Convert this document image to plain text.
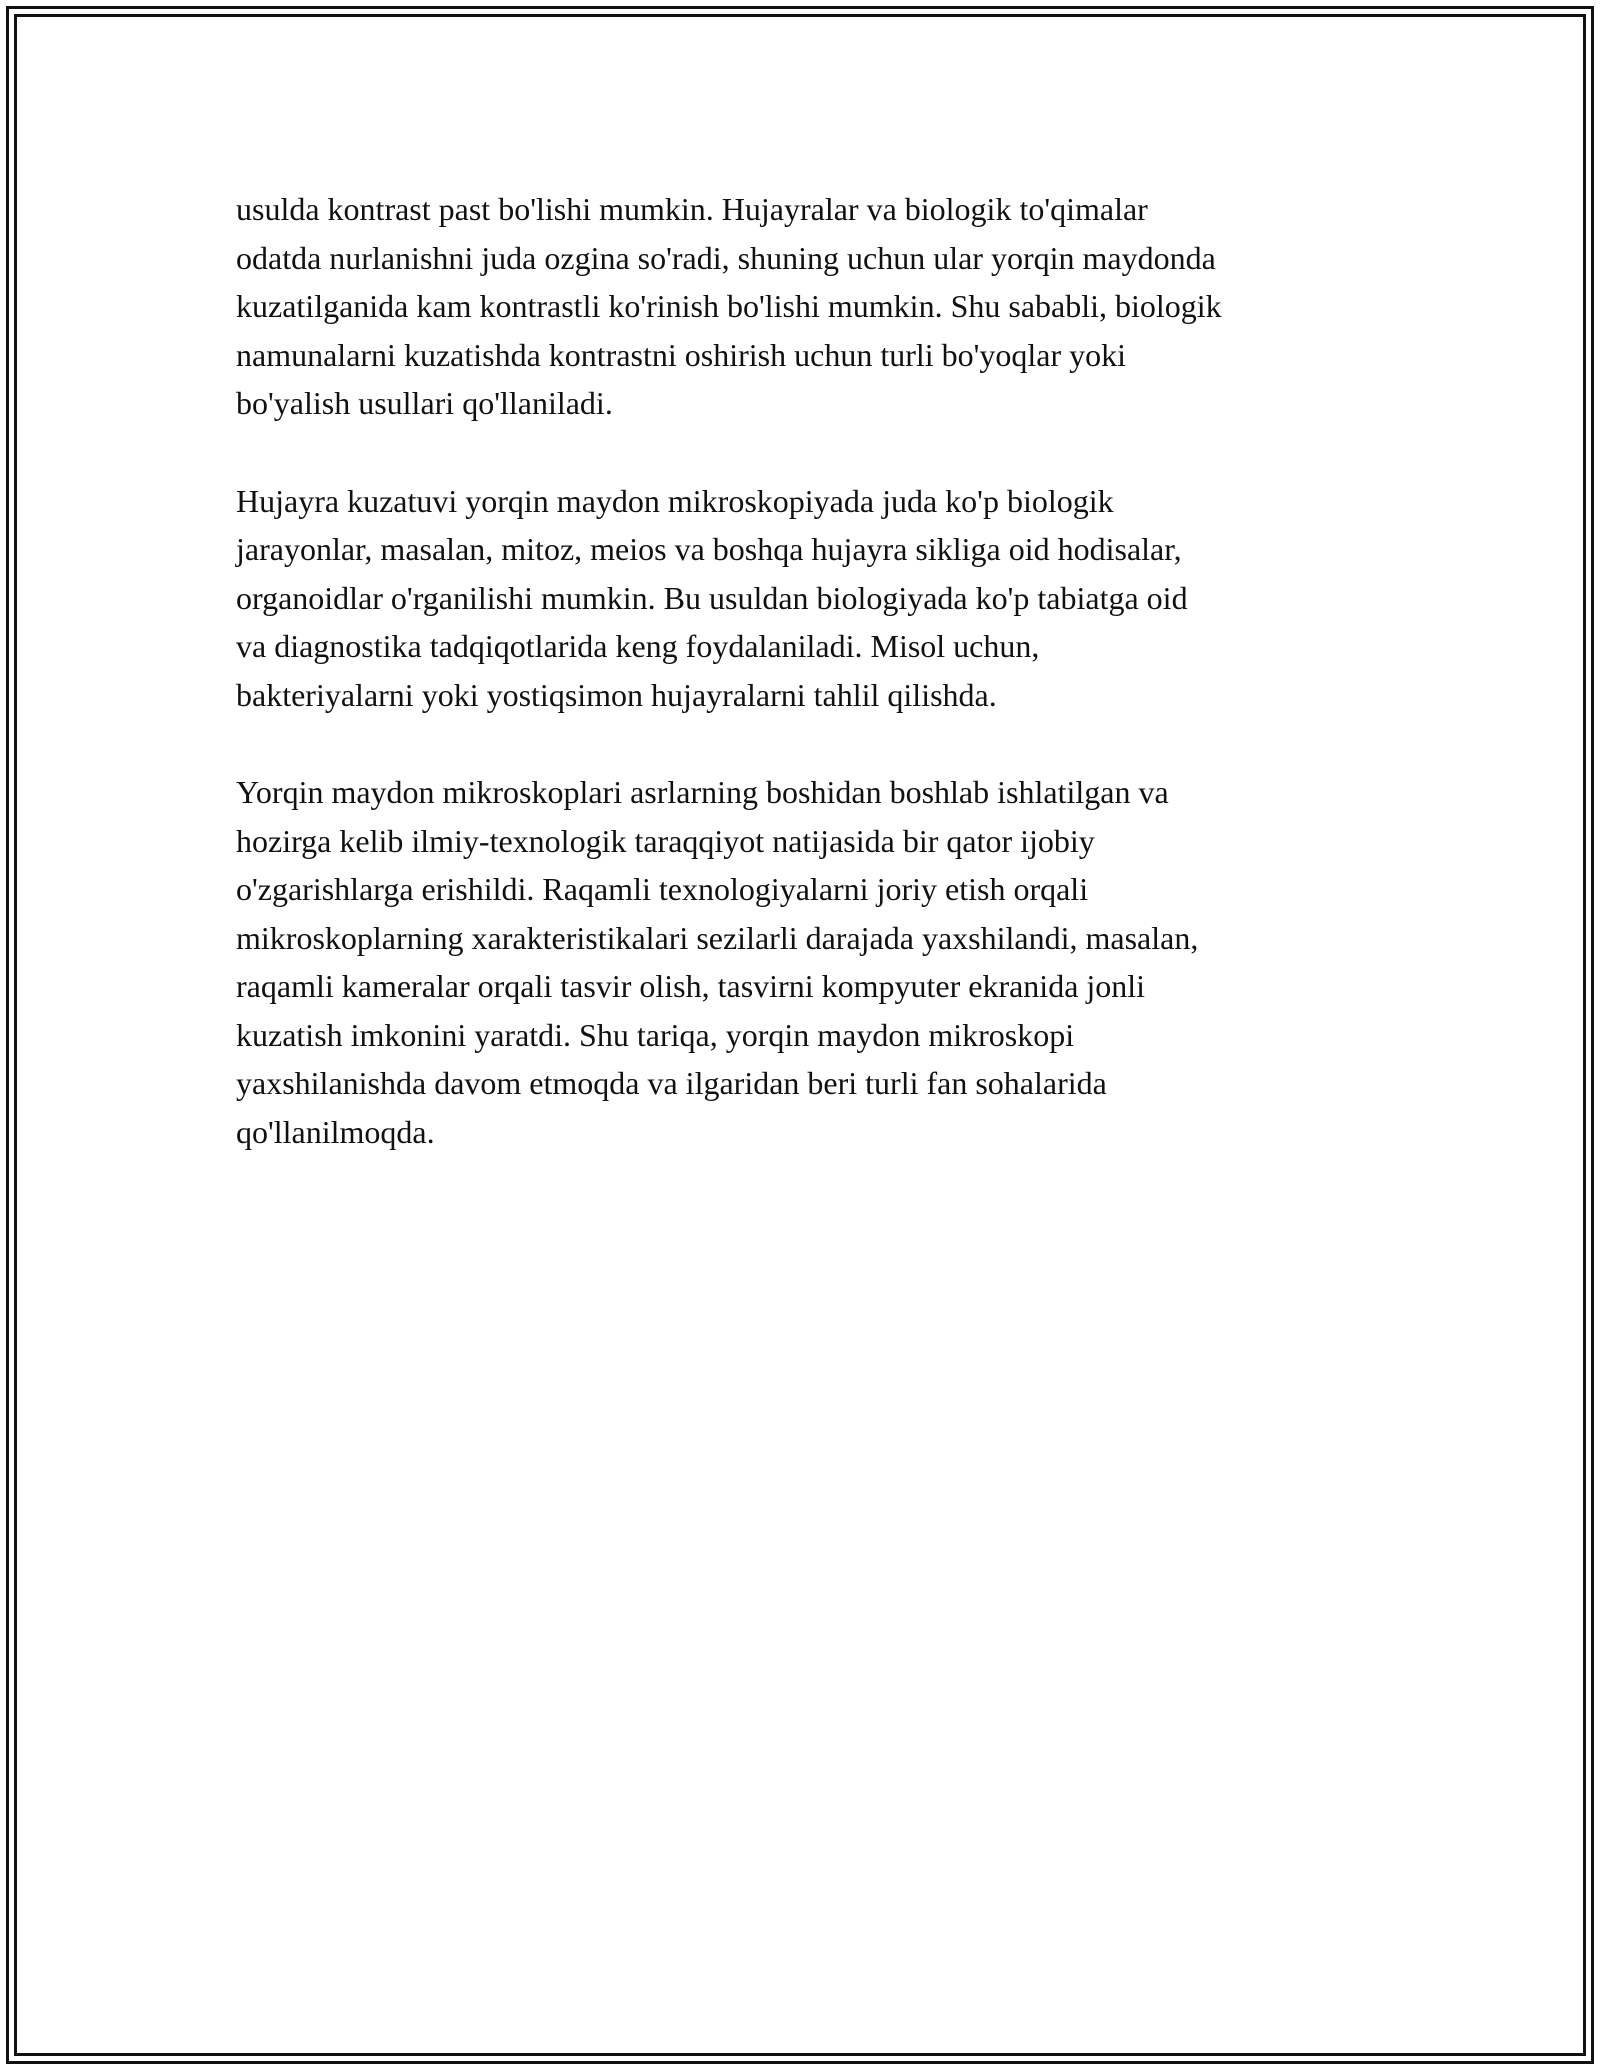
usulda kontrast past bo'lishi mumkin. Hujayralar va biologik to'qimalar
odatda nurlanishni juda ozgina so'radi, shuning uchun ular yorqin maydonda
kuzatilganida kam kontrastli ko'rinish bo'lishi mumkin. Shu sababli, biologik
namunalarni kuzatishda kontrastni oshirish uchun turli bo'yoqlar yoki
bo'yalish usullari qo'llaniladi.

Hujayra kuzatuvi yorqin maydon mikroskopiyada juda ko'p biologik
jarayonlar, masalan, mitoz, meios va boshqa hujayra sikliga oid hodisalar,
organoidlar o'rganilishi mumkin. Bu usuldan biologiyada ko'p tabiatga oid
va diagnostika tadqiqotlarida keng foydalaniladi. Misol uchun,
bakteriyalarni yoki yostiqsimon hujayralarni tahlil qilishda.

Yorqin maydon mikroskoplari asrlarning boshidan boshlab ishlatilgan va
hozirga kelib ilmiy-texnologik taraqqiyot natijasida bir qator ijobiy
o'zgarishlarga erishildi. Raqamli texnologiyalarni joriy etish orqali
mikroskoplarning xarakteristikalari sezilarli darajada yaxshilandi, masalan,
raqamli kameralar orqali tasvir olish, tasvirni kompyuter ekranida jonli
kuzatish imkonini yaratdi. Shu tariqa, yorqin maydon mikroskopi
yaxshilanishda davom etmoqda va ilgaridan beri turli fan sohalarida
qo'llanilmoqda.
